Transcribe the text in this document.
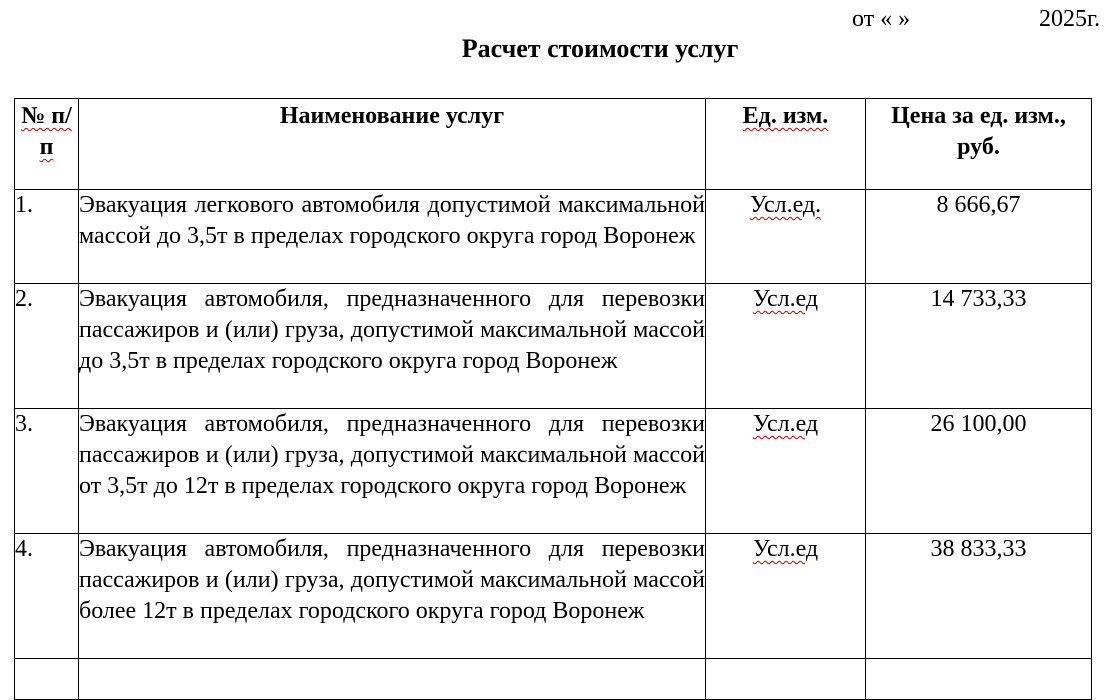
от « »	2025г.
Расчет стоимости услуг
№ п/п	Наименование услуг	Ед. изм.	Цена за ед. изм., руб.
1.	Эвакуация легкового автомобиля допустимой максимальной массой до 3,5т в пределах городского округа город Воронеж	Усл.ед.	8 666,67
2.	Эвакуация автомобиля, предназначенного для перевозки пассажиров и (или) груза, допустимой максимальной массой до 3,5т в пределах городского округа город Воронеж	Усл.ед	14 733,33
3.	Эвакуация автомобиля, предназначенного для перевозки пассажиров и (или) груза, допустимой максимальной массой от 3,5т до 12т в пределах городского округа город Воронеж	Усл.ед	26 100,00
4.	Эвакуация автомобиля, предназначенного для перевозки пассажиров и (или) груза, допустимой максимальной массой более 12т в пределах городского округа город Воронеж	Усл.ед	38 833,33
